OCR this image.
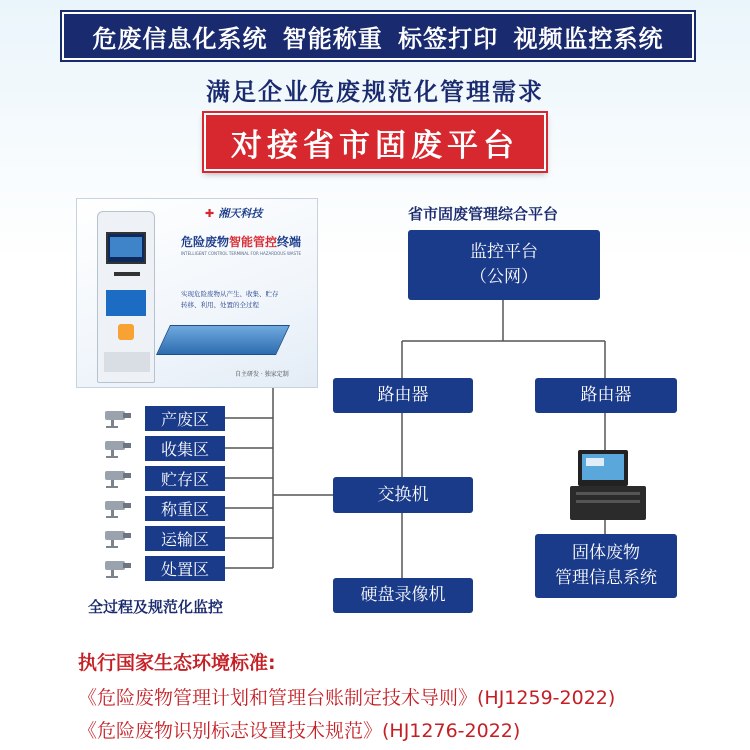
危废信息化系统 智能称重 标签打印 视频监控系统
满足企业危废规范化管理需求
对接省市固废平台
✚ 湘天科技
危险废物智能管控终端
INTELLIGENT CONTROL TERMINAL FOR HAZARDOUS WASTE
实现危险废物从产生、收集、贮存
转移、利用、处置的全过程
自主研发 · 独家定制
省市固废管理综合平台
监控平台
（公网）
路由器	路由器
交换机
硬盘录像机
固体废物
管理信息系统
产废区
收集区
贮存区
称重区
运输区
处置区
全过程及规范化监控
执行国家生态环境标准:
《危险废物管理计划和管理台账制定技术导则》(HJ1259-2022)
《危险废物识别标志设置技术规范》(HJ1276-2022)
